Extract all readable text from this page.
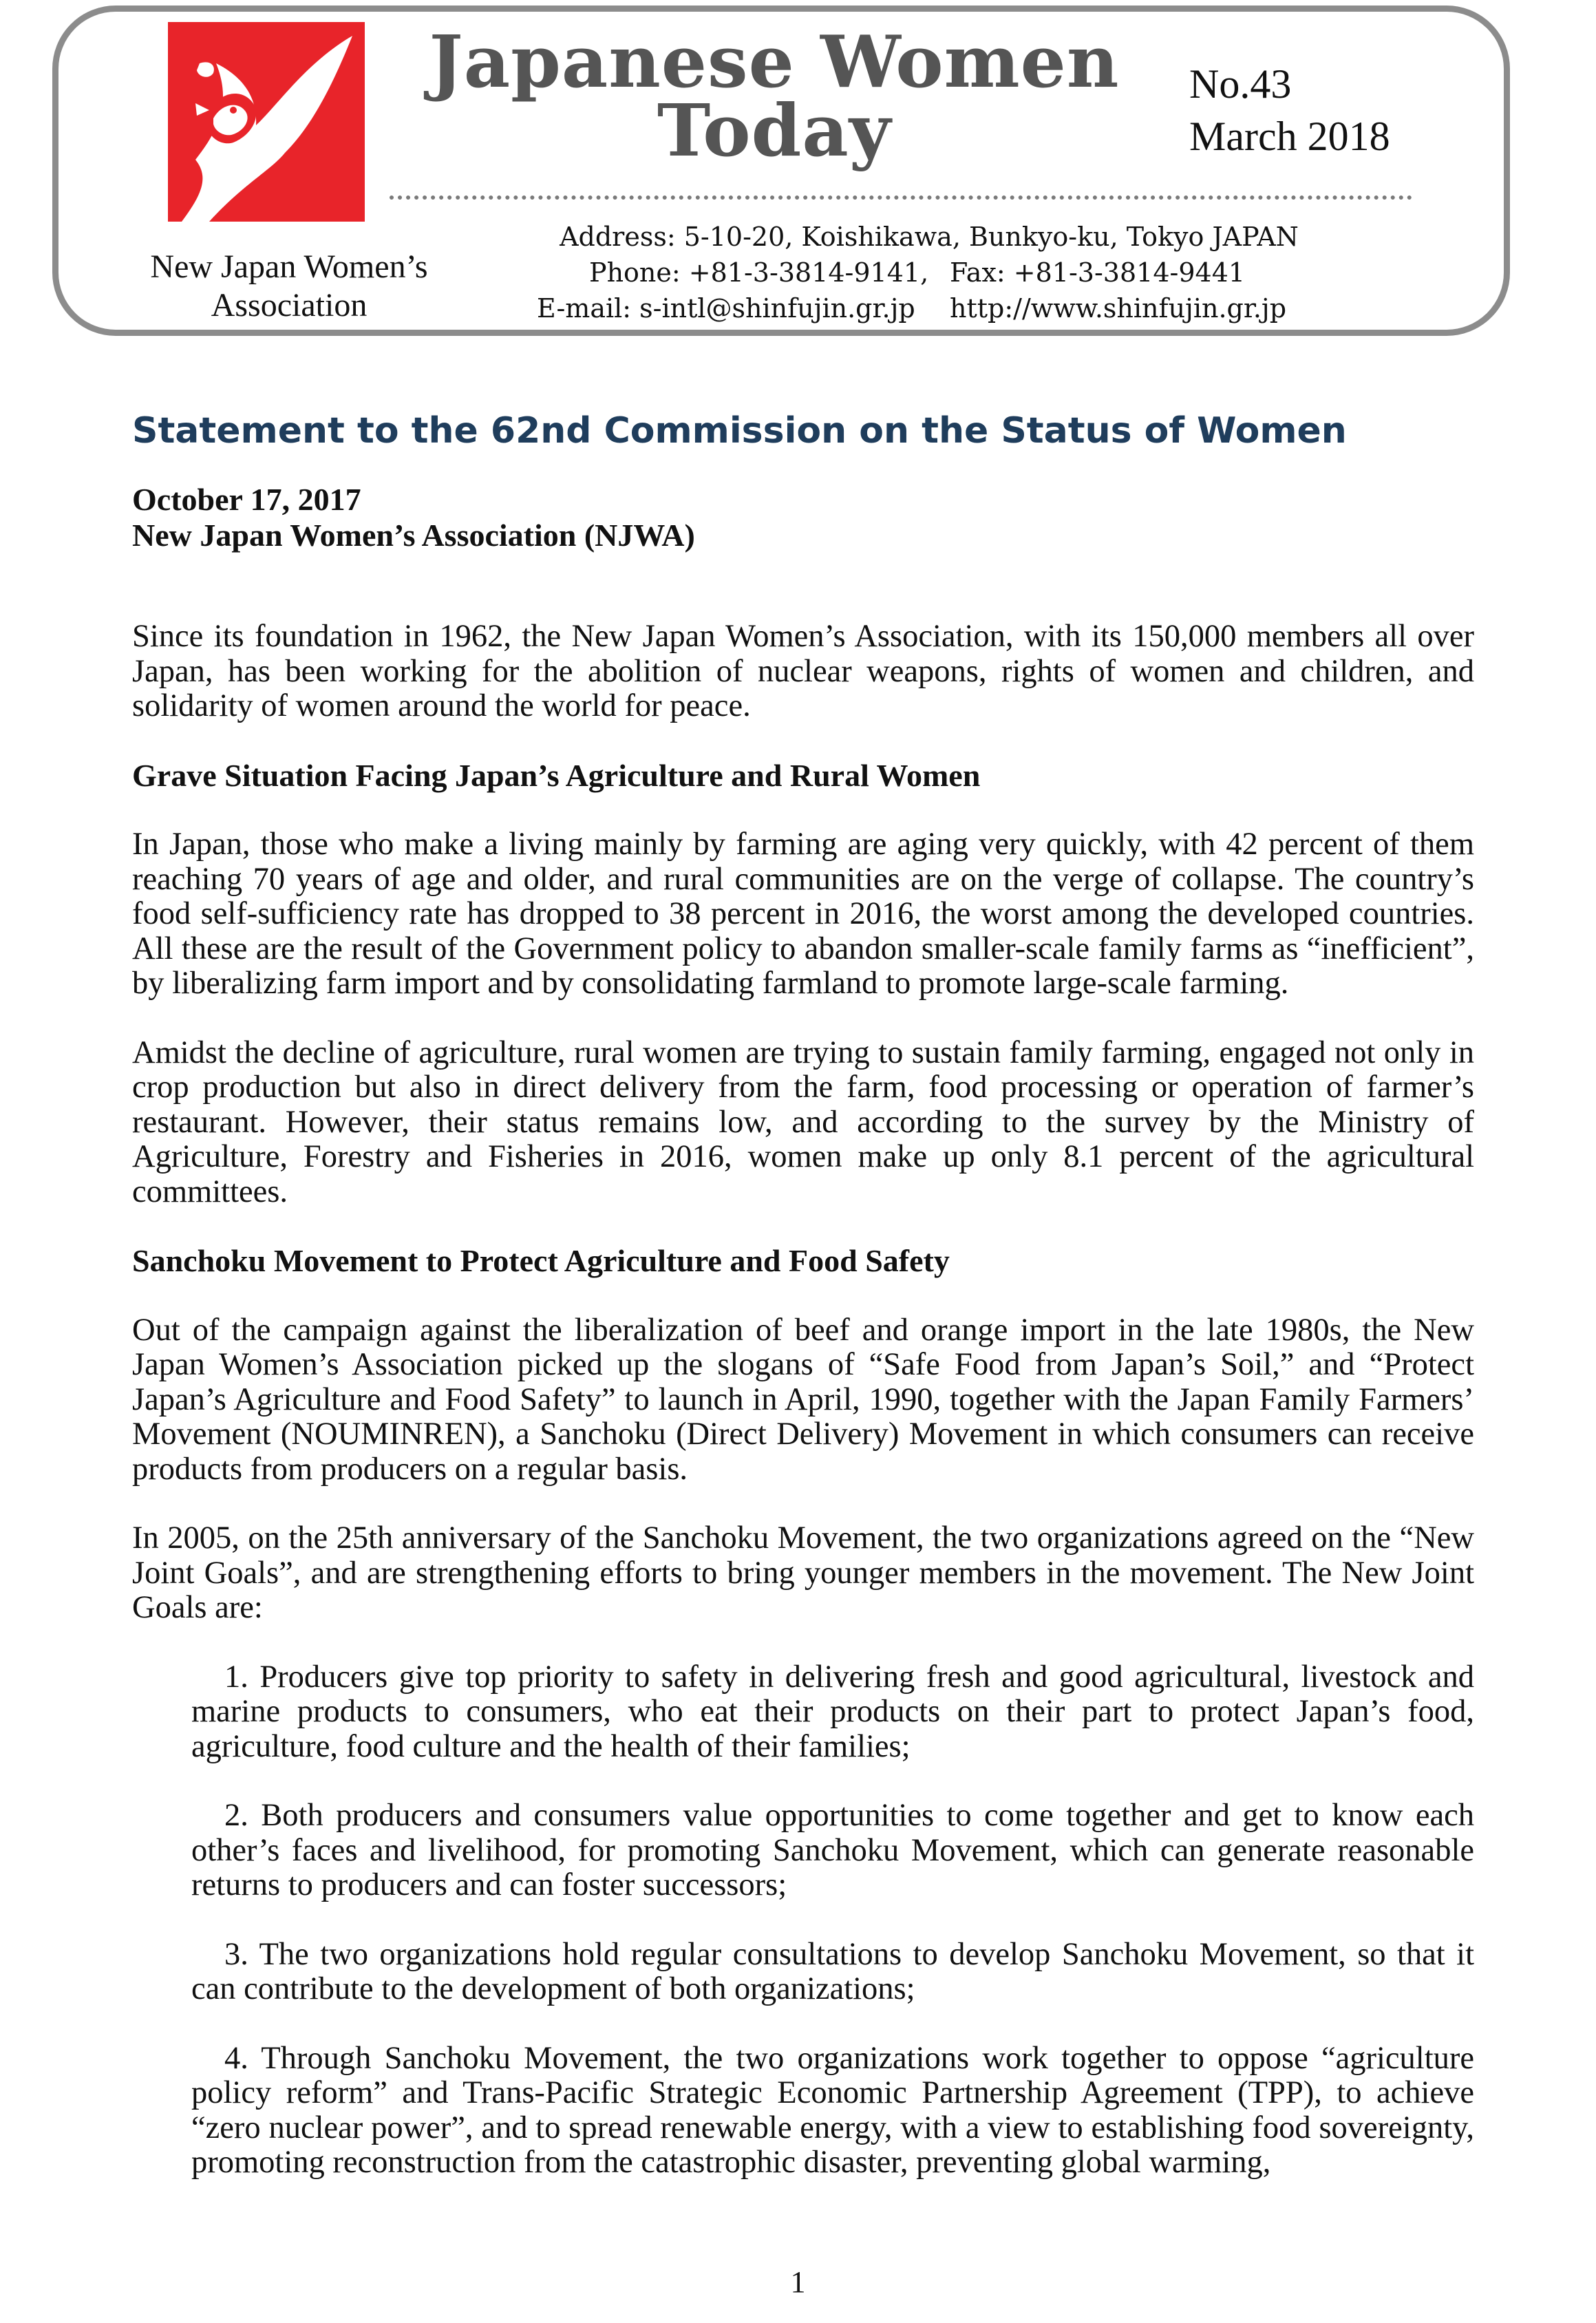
New Japan Women’s
Association
Japanese Women
Today
No.43
March 2018
Address: 5-10-20, Koishikawa, Bunkyo-ku, Tokyo JAPAN
Phone: +81-3-3814-9141, Fax: +81-3-3814-9441
E-mail: s-intl@shinfujin.gr.jp	http://www.shinfujin.gr.jp
Statement to the 62nd Commission on the Status of Women
October 17, 2017
New Japan Women’s Association (NJWA)

Since its foundation in 1962, the New Japan Women’s Association, with its 150,000 members all over Japan, has been working for the abolition of nuclear weapons, rights of women and children, and solidarity of women around the world for peace.

Grave Situation Facing Japan’s Agriculture and Rural Women

In Japan, those who make a living mainly by farming are aging very quickly, with 42 percent of them reaching 70 years of age and older, and rural communities are on the verge of collapse. The country’s food self-sufficiency rate has dropped to 38 percent in 2016, the worst among the developed countries. All these are the result of the Government policy to abandon smaller-scale family farms as “inefficient”, by liberalizing farm import and by consolidating farmland to promote large-scale farming.

Amidst the decline of agriculture, rural women are trying to sustain family farming, engaged not only in crop production but also in direct delivery from the farm, food processing or operation of farmer’s restaurant. However, their status remains low, and according to the survey by the Ministry of Agriculture, Forestry and Fisheries in 2016, women make up only 8.1 percent of the agricultural committees.

Sanchoku Movement to Protect Agriculture and Food Safety

Out of the campaign against the liberalization of beef and orange import in the late 1980s, the New Japan Women’s Association picked up the slogans of “Safe Food from Japan’s Soil,” and “Protect Japan’s Agriculture and Food Safety” to launch in April, 1990, together with the Japan Family Farmers’ Movement (NOUMINREN), a Sanchoku (Direct Delivery) Movement in which consumers can receive products from producers on a regular basis.

In 2005, on the 25th anniversary of the Sanchoku Movement, the two organizations agreed on the “New Joint Goals”, and are strengthening efforts to bring younger members in the movement. The New Joint Goals are:

1. Producers give top priority to safety in delivering fresh and good agricultural, livestock and marine products to consumers, who eat their products on their part to protect Japan’s food, agriculture, food culture and the health of their families;
2. Both producers and consumers value opportunities to come together and get to know each other’s faces and livelihood, for promoting Sanchoku Movement, which can generate reasonable returns to producers and can foster successors;
3. The two organizations hold regular consultations to develop Sanchoku Movement, so that it can contribute to the development of both organizations;
4. Through Sanchoku Movement, the two organizations work together to oppose “agriculture policy reform” and Trans-Pacific Strategic Economic Partnership Agreement (TPP), to achieve “zero nuclear power”, and to spread renewable energy, with a view to establishing food sovereignty, promoting reconstruction from the catastrophic disaster, preventing global warming,
1
